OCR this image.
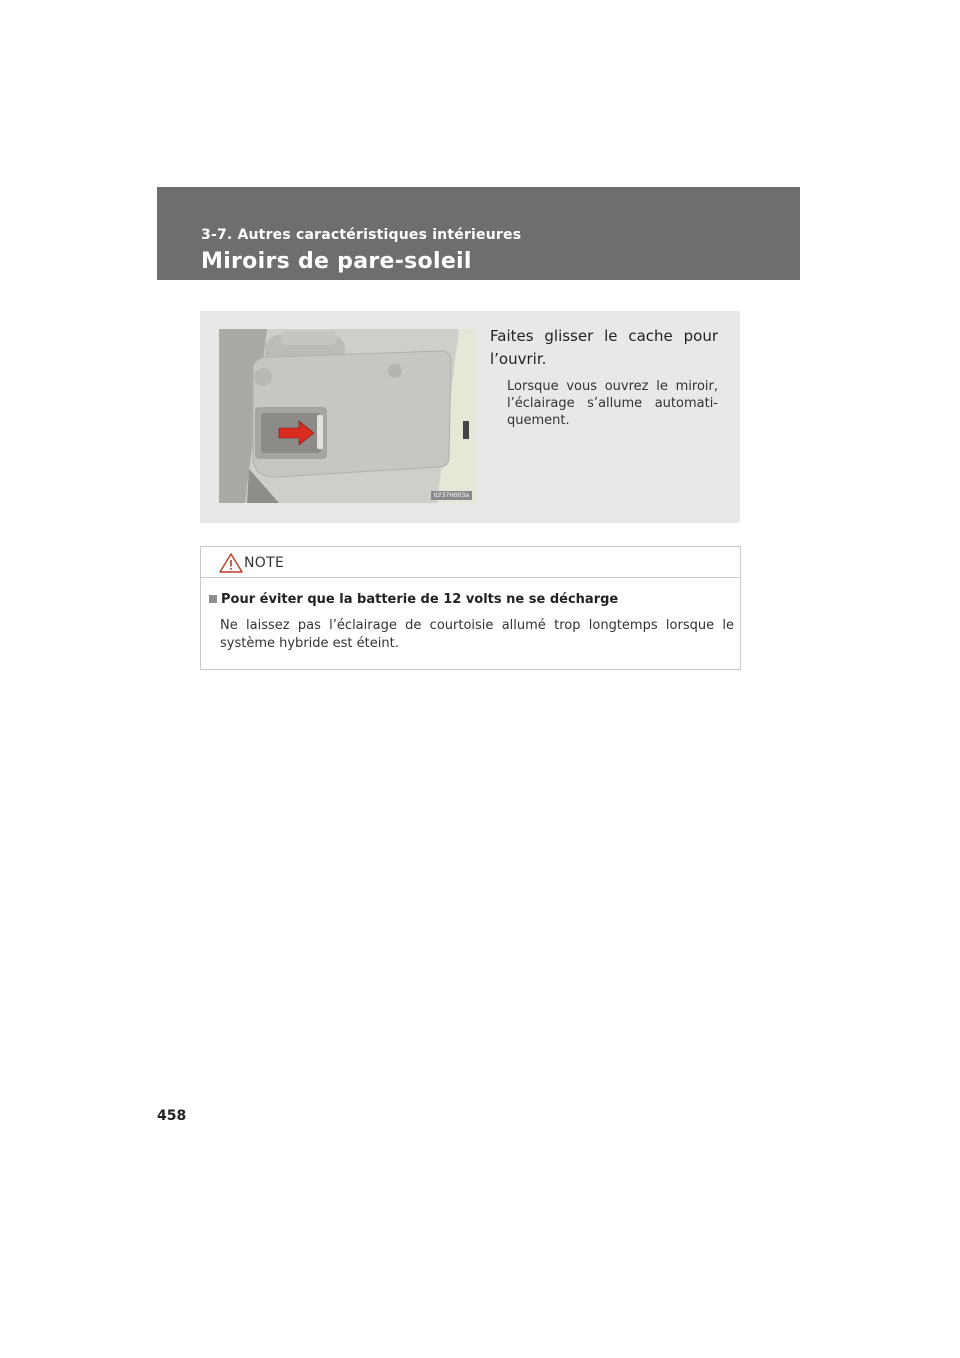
3-7. Autres caractéristiques intérieures
Miroirs de pare-soleil
ILY37H003a
Faites glisser le cache pour l’ouvrir.
Lorsque vous ouvrez le miroir, l’éclairage s’allume automati-quement.
NOTE
Pour éviter que la batterie de 12 volts ne se décharge
Ne laissez pas l’éclairage de courtoisie allumé trop longtemps lorsque le système hybride est éteint.
458
